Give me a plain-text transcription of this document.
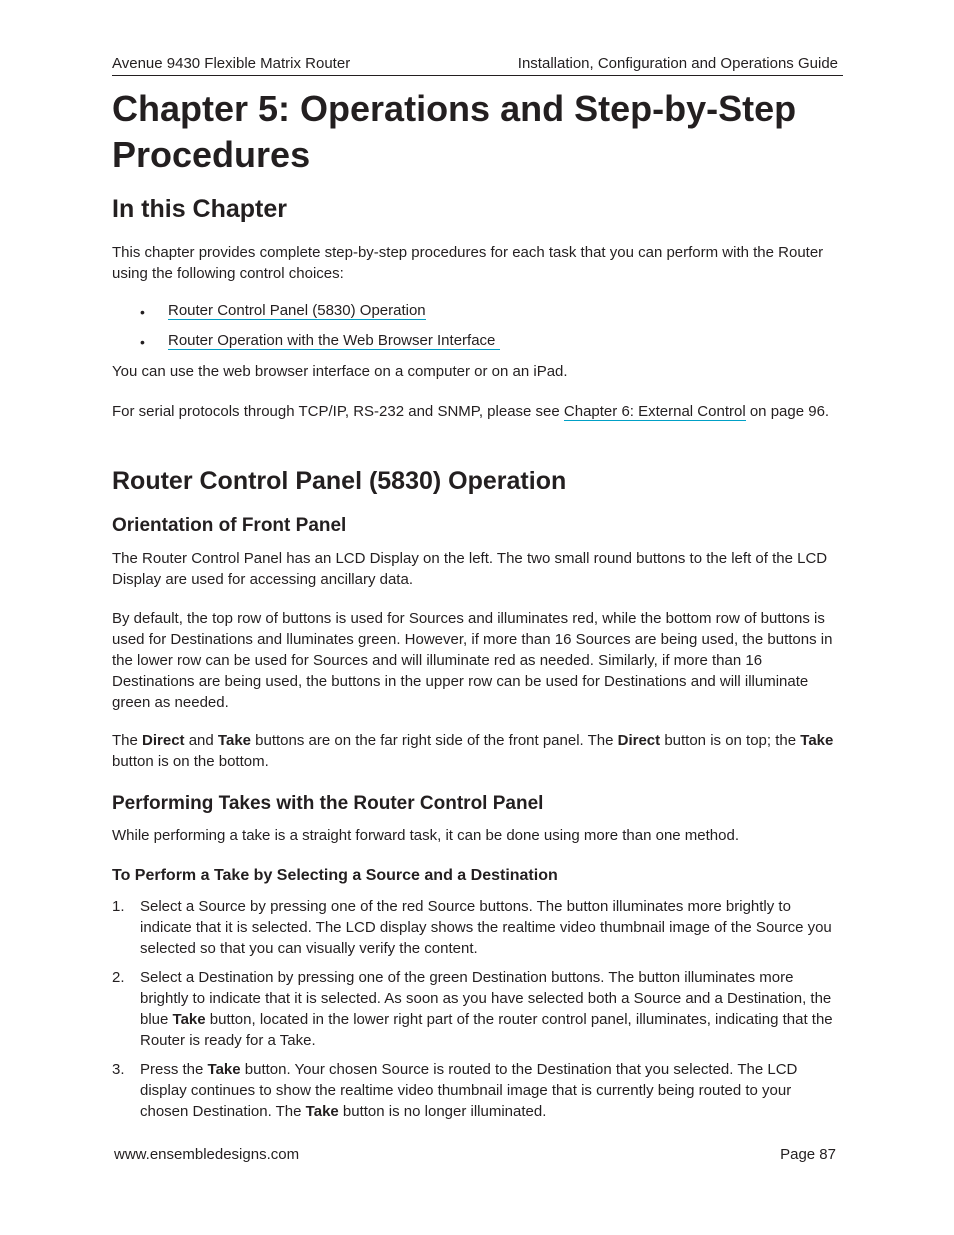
Avenue 9430 Flexible Matrix Router	Installation, Configuration and Operations Guide
Chapter 5: Operations and Step-by-Step Procedures
In this Chapter

This chapter provides complete step-by-step procedures for each task that you can perform with the Router using the following control choices:

• Router Control Panel (5830) Operation
• Router Operation with the Web Browser Interface

You can use the web browser interface on a computer or on an iPad.

For serial protocols through TCP/IP, RS-232 and SNMP, please see Chapter 6: External Control on page 96.

Router Control Panel (5830) Operation
Orientation of Front Panel

The Router Control Panel has an LCD Display on the left. The two small round buttons to the left of the LCD Display are used for accessing ancillary data.

By default, the top row of buttons is used for Sources and illuminates red, while the bottom row of buttons is used for Destinations and lluminates green. However, if more than 16 Sources are being used, the buttons in the lower row can be used for Sources and will illuminate red as needed. Similarly, if more than 16 Destinations are being used, the buttons in the upper row can be used for Destinations and will illuminate green as needed.

The Direct and Take buttons are on the far right side of the front panel. The Direct button is on top; the Take button is on the bottom.

Performing Takes with the Router Control Panel

While performing a take is a straight forward task, it can be done using more than one method.

To Perform a Take by Selecting a Source and a Destination
1. Select a Source by pressing one of the red Source buttons. The button illuminates more brightly to indicate that it is selected. The LCD display shows the realtime video thumbnail image of the Source you selected so that you can visually verify the content.

2. Select a Destination by pressing one of the green Destination buttons. The button illuminates more brightly to indicate that it is selected. As soon as you have selected both a Source and a Destination, the blue Take button, located in the lower right part of the router control panel, illuminates, indicating that the Router is ready for a Take.

3. Press the Take button. Your chosen Source is routed to the Destination that you selected. The LCD display continues to show the realtime video thumbnail image that is currently being routed to your chosen Destination. The Take button is no longer illuminated.

www.ensembledesigns.com	Page 87
